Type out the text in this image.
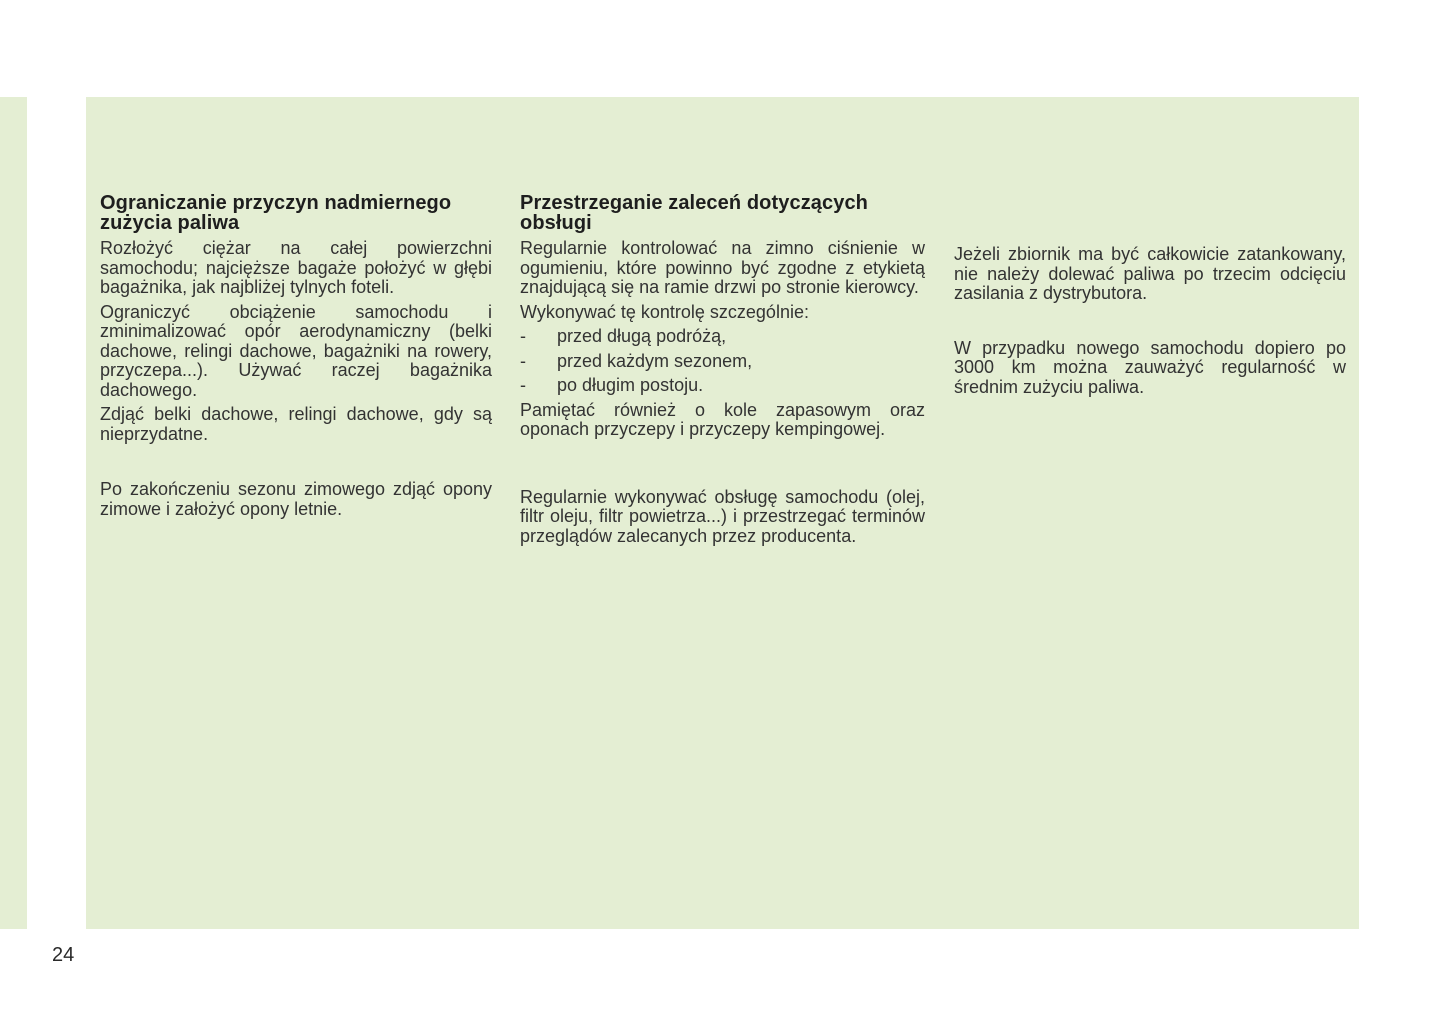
Ograniczanie przyczyn nadmiernego zużycia paliwa

Rozłożyć ciężar na całej powierzchni samochodu; najcięższe bagaże położyć w głębi bagażnika, jak najbliżej tylnych foteli.

Ograniczyć obciążenie samochodu i zminimalizować opór aerodynamiczny (belki dachowe, relingi dachowe, bagażniki na rowery, przyczepa...). Używać raczej bagażnika dachowego.

Zdjąć belki dachowe, relingi dachowe, gdy są nieprzydatne.

Po zakończeniu sezonu zimowego zdjąć opony zimowe i założyć opony letnie.

Przestrzeganie zaleceń dotyczących obsługi

Regularnie kontrolować na zimno ciśnienie w ogumieniu, które powinno być zgodne z etykietą znajdującą się na ramie drzwi po stronie kierowcy.

Wykonywać tę kontrolę szczególnie:

- przed długą podróżą,
- przed każdym sezonem,
- po długim postoju.

Pamiętać również o kole zapasowym oraz oponach przyczepy i przyczepy kempingowej.

Regularnie wykonywać obsługę samochodu (olej, filtr oleju, filtr powietrza...) i przestrzegać terminów przeglądów zalecanych przez producenta.

Jeżeli zbiornik ma być całkowicie zatankowany, nie należy dolewać paliwa po trzecim odcięciu zasilania z dystrybutora.

W przypadku nowego samochodu dopiero po 3000 km można zauważyć regularność w średnim zużyciu paliwa.

24
